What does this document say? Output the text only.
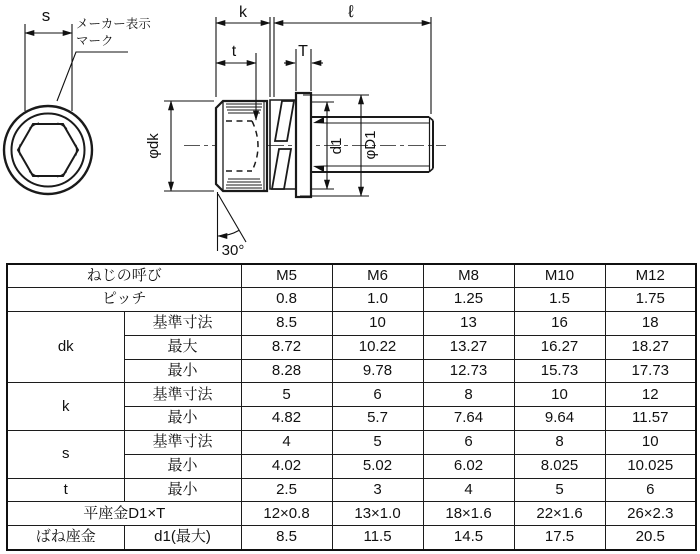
s メーカー表示
マーク
k	ℓ
t	T
φdk	d1 φD1
30°
ねじの呼び		M5	M6	M8	M10	M12
ピッチ		0.8	1.0	1.25	1.5	1.75
dk	基準寸法	8.5	10	13	16	18
	最大	8.72	10.22	13.27	16.27	18.27
	最小	8.28	9.78	12.73	15.73	17.73
k	基準寸法	5	6	8	10	12
	最小	4.82	5.7	7.64	9.64	11.57
s	基準寸法	4	5	6	8	10
	最小	4.02	5.02	6.02	8.025	10.025
t	最小	2.5	3	4	5	6
平座金D1×T		12×0.8	13×1.0	18×1.6	22×1.6	26×2.3
ばね座金	d1(最大)	8.5	11.5	14.5	17.5	20.5
